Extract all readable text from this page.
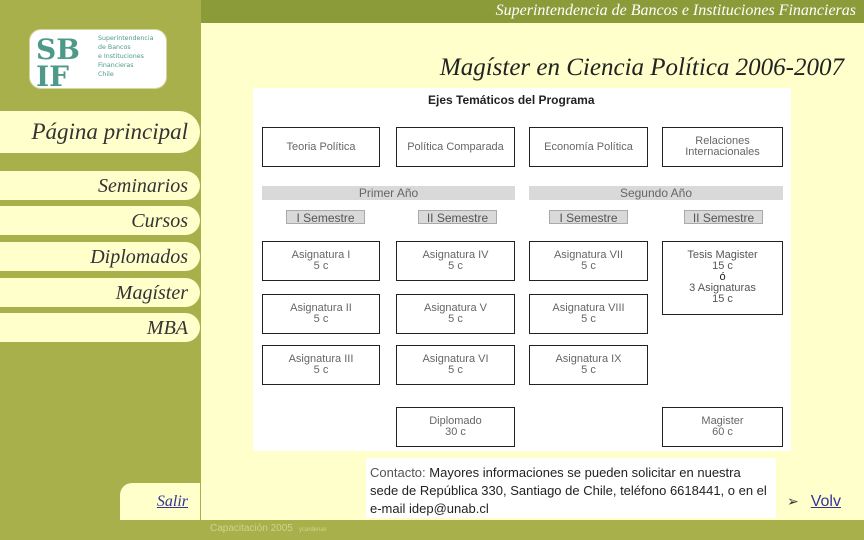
Superintendencia de Bancos e Instituciones Financieras
SB
IF
Superintendencia
de Bancos
e Instituciones
Financieras
Chile
Página principal
Seminarios
Cursos
Diplomados
Magíster
MBA
Salir
Magíster en Ciencia Política 2006-2007
Ejes Temáticos del Programa
Teoria Política	Política Comparada	Economía Política	Relaciones
Internacionales
Primer Año	Segundo Año
I Semestre	II Semestre	I Semestre	II Semestre
Asignatura I
5 c
Asignatura II
5 c
Asignatura III
5 c
Asignatura IV
5 c
Asignatura V
5 c
Asignatura VI
5 c
Asignatura VII
5 c
Asignatura VIII
5 c
Asignatura IX
5 c
Tesis Magister
15 c
ó
3 Asignaturas
15 c
Diplomado
30 c
Magister
60 c
Contacto: Mayores informaciones se pueden solicitar en nuestra sede de República 330, Santiago de Chile, teléfono 6618441, o en el e-mail idep@unab.cl	➢ Volv
Capacitación 2005 ycardenas
